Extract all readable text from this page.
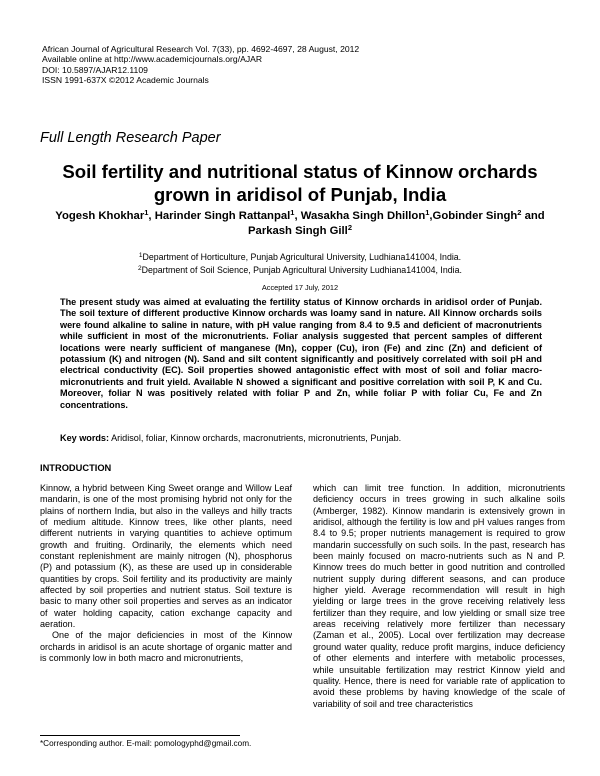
African Journal of Agricultural Research Vol. 7(33), pp. 4692-4697, 28 August, 2012
Available online at http://www.academicjournals.org/AJAR
DOI: 10.5897/AJAR12.1109
ISSN 1991-637X ©2012 Academic Journals
Full Length Research Paper
Soil fertility and nutritional status of Kinnow orchards
grown in aridisol of Punjab, India
Yogesh Khokhar$^1$, Harinder Singh Rattanpal$^1$, Wasakha Singh Dhillon$^1$,Gobinder Singh$^2$ and
Parkash Singh Gill$^2$
$^1$Department of Horticulture, Punjab Agricultural University, Ludhiana141004, India.
$^2$Department of Soil Science, Punjab Agricultural University Ludhiana141004, India.
Accepted 17 July, 2012
The present study was aimed at evaluating the fertility status of Kinnow orchards in aridisol order of Punjab. The soil texture of different productive Kinnow orchards was loamy sand in nature. All Kinnow orchards soils were found alkaline to saline in nature, with pH value ranging from 8.4 to 9.5 and deficient of macronutrients while sufficient in most of the micronutrients. Foliar analysis suggested that percent samples of different locations were nearly sufficient of manganese (Mn), copper (Cu), iron (Fe) and zinc (Zn) and deficient of potassium (K) and nitrogen (N). Sand and silt content significantly and positively correlated with soil pH and electrical conductivity (EC). Soil properties showed antagonistic effect with most of soil and foliar macro-micronutrients and fruit yield. Available N showed a significant and positive correlation with soil P, K and Cu. Moreover, foliar N was positively related with foliar P and Zn, while foliar P with foliar Cu, Fe and Zn concentrations.
Key words: Aridisol, foliar, Kinnow orchards, macronutrients, micronutrients, Punjab.
INTRODUCTION

Kinnow, a hybrid between King Sweet orange and Willow Leaf mandarin, is one of the most promising hybrid not only for the plains of northern India, but also in the valleys and hilly tracts of medium altitude. Kinnow trees, like other plants, need different nutrients in varying quantities to achieve optimum growth and fruiting. Ordinarily, the elements which need constant replenishment are mainly nitrogen (N), phosphorus (P) and potassium (K), as these are used up in considerable quantities by crops. Soil fertility and its productivity are mainly affected by soil properties and nutrient status. Soil texture is basic to many other soil properties and serves as an indicator of water holding capacity, cation exchange capacity and aeration.

One of the major deficiencies in most of the Kinnow orchards in aridisol is an acute shortage of organic matter and is commonly low in both macro and micronutrients,

which can limit tree function. In addition, micronutrients deficiency occurs in trees growing in such alkaline soils (Amberger, 1982). Kinnow mandarin is extensively grown in aridisol, although the fertility is low and pH values ranges from 8.4 to 9.5; proper nutrients management is required to grow mandarin successfully on such soils. In the past, research has been mainly focused on macro-nutrients such as N and P. Kinnow trees do much better in good nutrition and controlled nutrient supply during different seasons, and can produce higher yield. Average recommendation will result in high yielding or large trees in the grove receiving relatively less fertilizer than they require, and low yielding or small size tree areas receiving relatively more fertilizer than necessary (Zaman et al., 2005). Local over fertilization may decrease ground water quality, reduce profit margins, induce deficiency of other elements and interfere with metabolic processes, while unsuitable fertilization may restrict Kinnow yield and quality. Hence, there is need for variable rate of application to avoid these problems by having knowledge of the scale of variability of soil and tree characteristics

*Corresponding author. E-mail: pomologyphd@gmail.com.
